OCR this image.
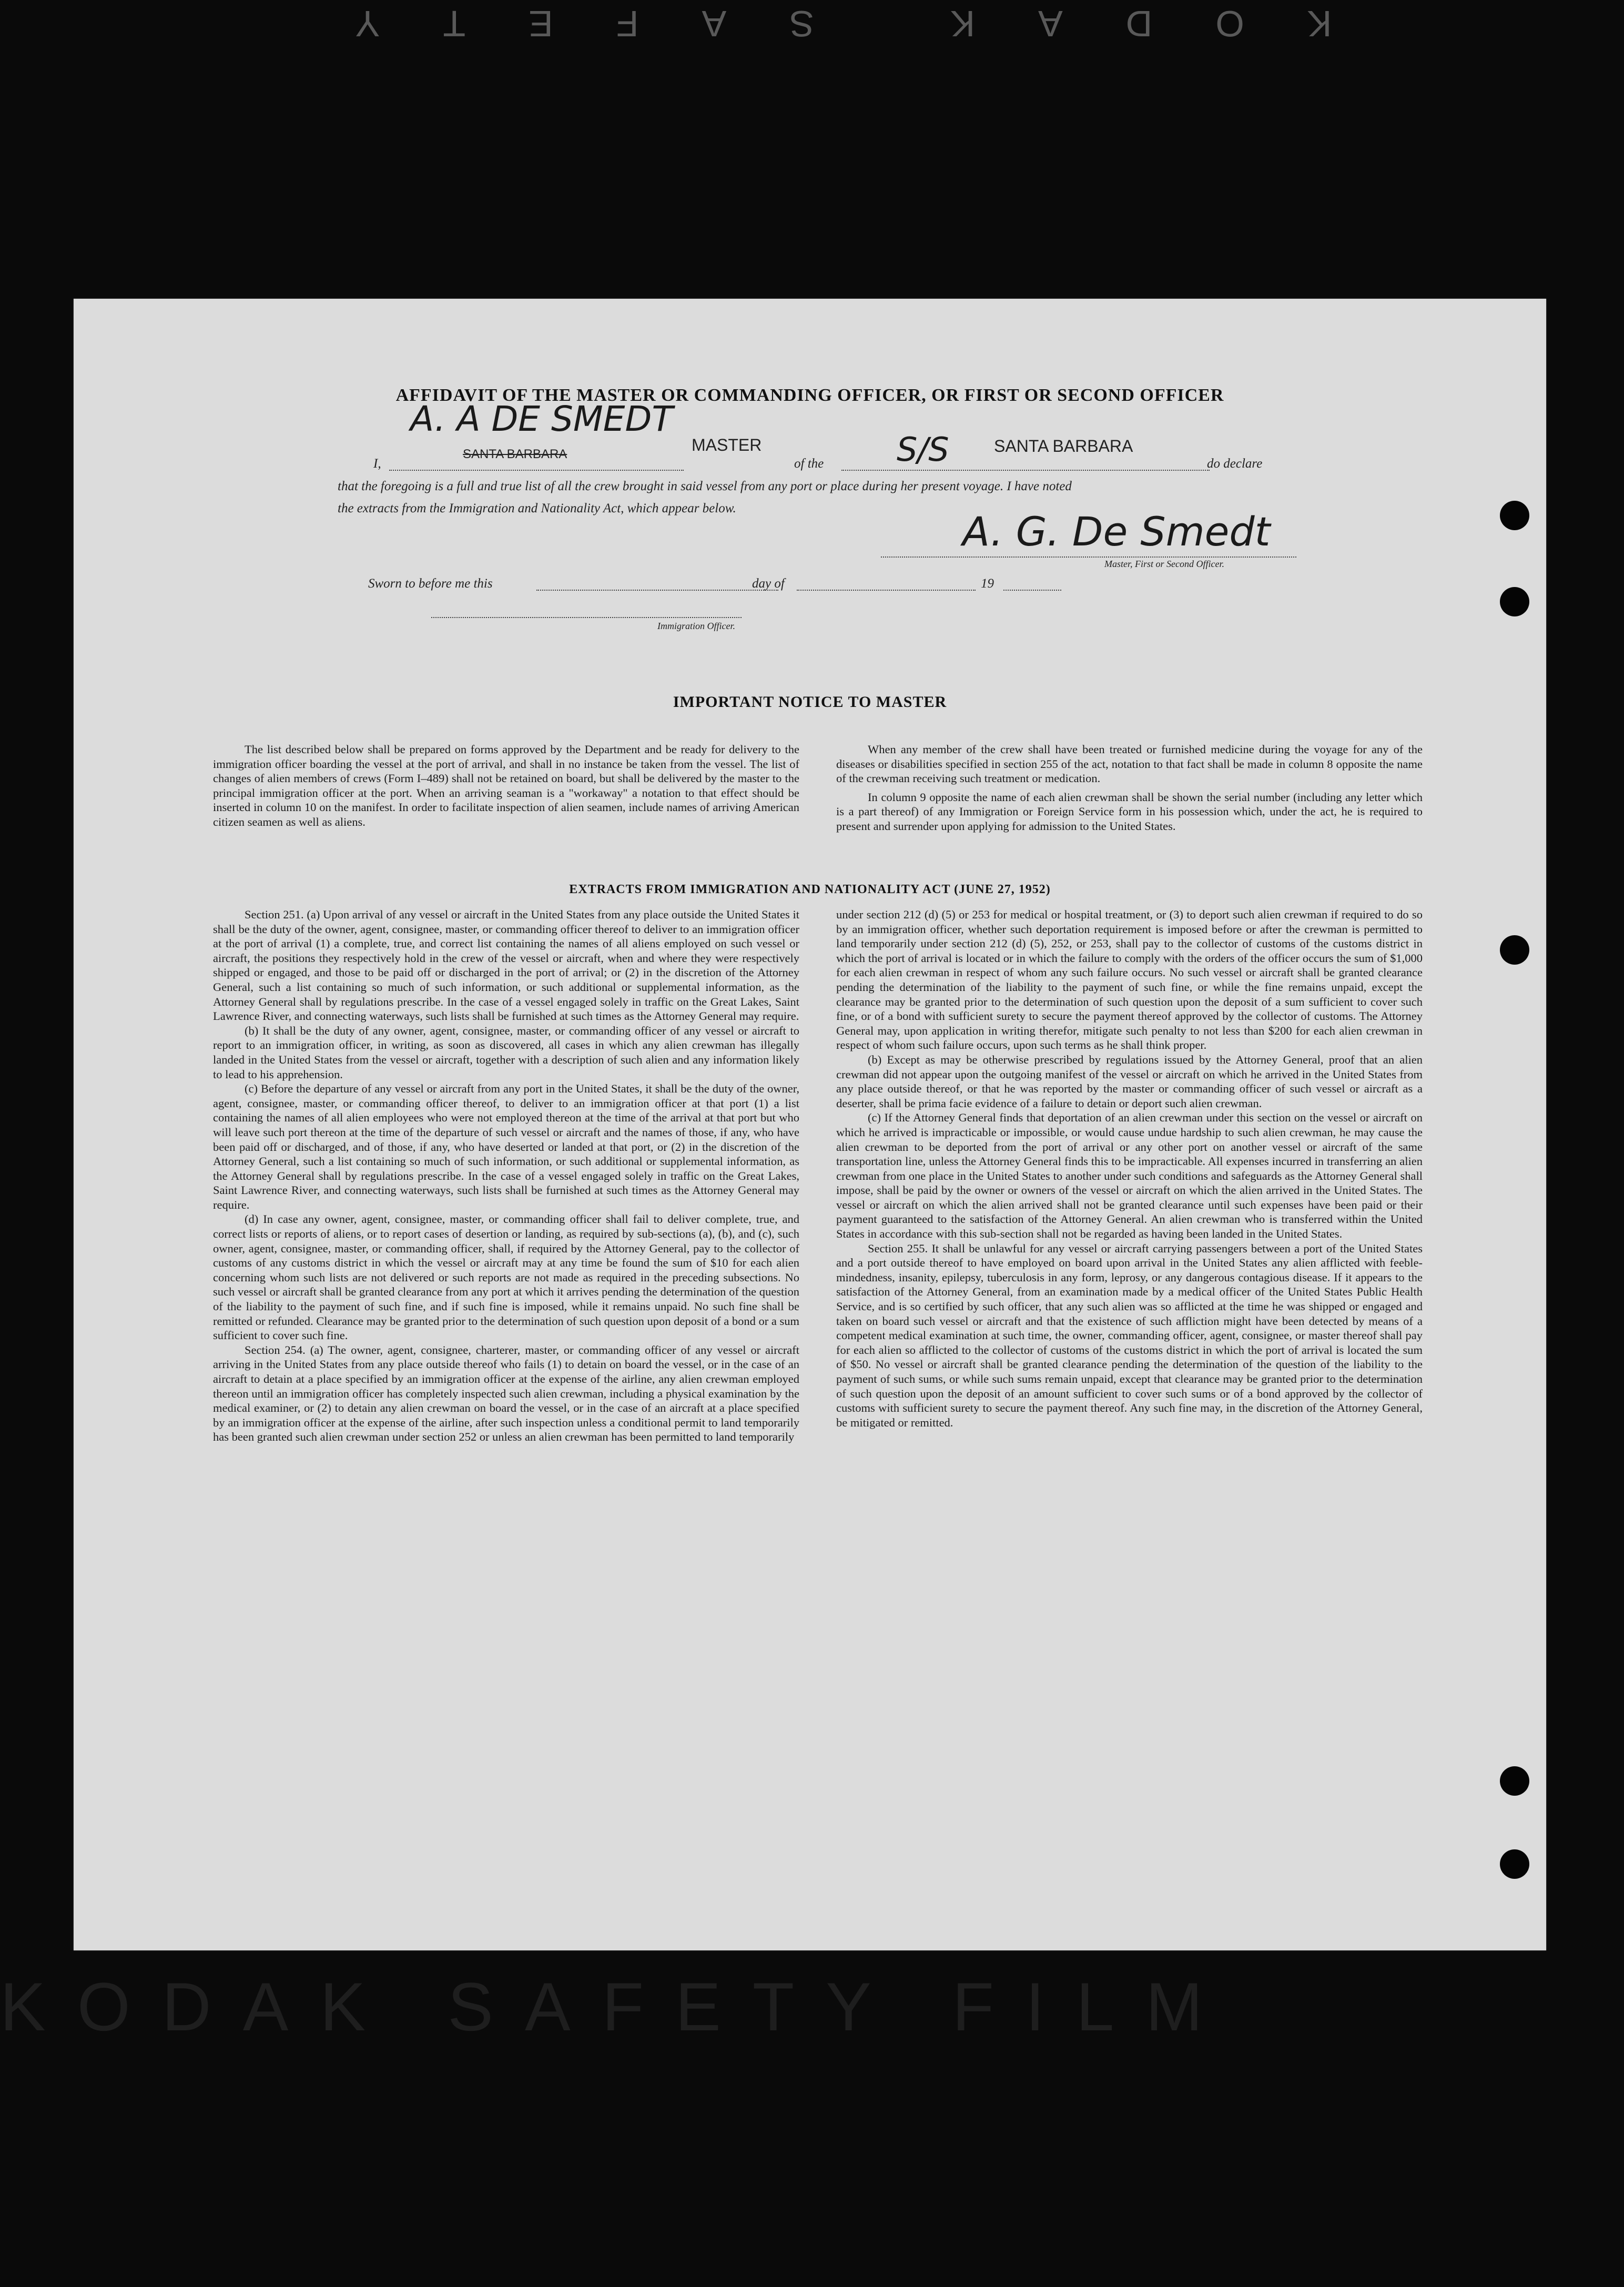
KODAK SAFETY
AFFIDAVIT OF THE MASTER OR COMMANDING OFFICER, OR FIRST OR SECOND OFFICER
I,
A. A DE SMEDT
SANTA BARBARA	MASTER
of the S/S	SANTA BARBARA
do declare
that the foregoing is a full and true list of all the crew brought in said vessel from any port or place during her present voyage. I have noted
the extracts from the Immigration and Nationality Act, which appear below.	A. G. De Smedt
Master, First or Second Officer.
Sworn to before me this	day of	19
Immigration Officer.
IMPORTANT NOTICE TO MASTER

The list described below shall be prepared on forms approved by the Department and be ready for delivery to the immigration officer boarding the vessel at the port of arrival, and shall in no instance be taken from the vessel. The list of changes of alien members of crews (Form I–489) shall not be retained on board, but shall be delivered by the master to the principal immigration officer at the port. When an arriving seaman is a "workaway" a notation to that effect should be inserted in column 10 on the manifest. In order to facilitate inspection of alien seamen, include names of arriving American citizen seamen as well as aliens.

When any member of the crew shall have been treated or furnished medicine during the voyage for any of the diseases or disabilities specified in section 255 of the act, notation to that fact shall be made in column 8 opposite the name of the crewman receiving such treatment or medication.

In column 9 opposite the name of each alien crewman shall be shown the serial number (including any letter which is a part thereof) of any Immigration or Foreign Service form in his possession which, under the act, he is required to present and surrender upon applying for admission to the United States.

EXTRACTS FROM IMMIGRATION AND NATIONALITY ACT (JUNE 27, 1952)

Section 251. (a) Upon arrival of any vessel or aircraft in the United States from any place outside the United States it shall be the duty of the owner, agent, consignee, master, or commanding officer thereof to deliver to an immigration officer at the port of arrival (1) a complete, true, and correct list containing the names of all aliens employed on such vessel or aircraft, the positions they respectively hold in the crew of the vessel or aircraft, when and where they were respectively shipped or engaged, and those to be paid off or discharged in the port of arrival; or (2) in the discretion of the Attorney General, such a list containing so much of such information, or such additional or supplemental information, as the Attorney General shall by regulations prescribe. In the case of a vessel engaged solely in traffic on the Great Lakes, Saint Lawrence River, and connecting waterways, such lists shall be furnished at such times as the Attorney General may require.

(b) It shall be the duty of any owner, agent, consignee, master, or commanding officer of any vessel or aircraft to report to an immigration officer, in writing, as soon as discovered, all cases in which any alien crewman has illegally landed in the United States from the vessel or aircraft, together with a description of such alien and any information likely to lead to his apprehension.

(c) Before the departure of any vessel or aircraft from any port in the United States, it shall be the duty of the owner, agent, consignee, master, or commanding officer thereof, to deliver to an immigration officer at that port (1) a list containing the names of all alien employees who were not employed thereon at the time of the arrival at that port but who will leave such port thereon at the time of the departure of such vessel or aircraft and the names of those, if any, who have been paid off or discharged, and of those, if any, who have deserted or landed at that port, or (2) in the discretion of the Attorney General, such a list containing so much of such information, or such additional or supplemental information, as the Attorney General shall by regulations prescribe. In the case of a vessel engaged solely in traffic on the Great Lakes, Saint Lawrence River, and connecting waterways, such lists shall be furnished at such times as the Attorney General may require.

(d) In case any owner, agent, consignee, master, or commanding officer shall fail to deliver complete, true, and correct lists or reports of aliens, or to report cases of desertion or landing, as required by sub-sections (a), (b), and (c), such owner, agent, consignee, master, or commanding officer, shall, if required by the Attorney General, pay to the collector of customs of any customs district in which the vessel or aircraft may at any time be found the sum of $10 for each alien concerning whom such lists are not delivered or such reports are not made as required in the preceding subsections. No such vessel or aircraft shall be granted clearance from any port at which it arrives pending the determination of the question of the liability to the payment of such fine, and if such fine is imposed, while it remains unpaid. No such fine shall be remitted or refunded. Clearance may be granted prior to the determination of such question upon deposit of a bond or a sum sufficient to cover such fine.

Section 254. (a) The owner, agent, consignee, charterer, master, or commanding officer of any vessel or aircraft arriving in the United States from any place outside thereof who fails (1) to detain on board the vessel, or in the case of an aircraft to detain at a place specified by an immigration officer at the expense of the airline, any alien crewman employed thereon until an immigration officer has completely inspected such alien crewman, including a physical examination by the medical examiner, or (2) to detain any alien crewman on board the vessel, or in the case of an aircraft at a place specified by an immigration officer at the expense of the airline, after such inspection unless a conditional permit to land temporarily has been granted such alien crewman under section 252 or unless an alien crewman has been permitted to land temporarily

under section 212 (d) (5) or 253 for medical or hospital treatment, or (3) to deport such alien crewman if required to do so by an immigration officer, whether such deportation requirement is imposed before or after the crewman is permitted to land temporarily under section 212 (d) (5), 252, or 253, shall pay to the collector of customs of the customs district in which the port of arrival is located or in which the failure to comply with the orders of the officer occurs the sum of $1,000 for each alien crewman in respect of whom any such failure occurs. No such vessel or aircraft shall be granted clearance pending the determination of the liability to the payment of such fine, or while the fine remains unpaid, except the clearance may be granted prior to the determination of such question upon the deposit of a sum sufficient to cover such fine, or of a bond with sufficient surety to secure the payment thereof approved by the collector of customs. The Attorney General may, upon application in writing therefor, mitigate such penalty to not less than $200 for each alien crewman in respect of whom such failure occurs, upon such terms as he shall think proper.

(b) Except as may be otherwise prescribed by regulations issued by the Attorney General, proof that an alien crewman did not appear upon the outgoing manifest of the vessel or aircraft on which he arrived in the United States from any place outside thereof, or that he was reported by the master or commanding officer of such vessel or aircraft as a deserter, shall be prima facie evidence of a failure to detain or deport such alien crewman.

(c) If the Attorney General finds that deportation of an alien crewman under this section on the vessel or aircraft on which he arrived is impracticable or impossible, or would cause undue hardship to such alien crewman, he may cause the alien crewman to be deported from the port of arrival or any other port on another vessel or aircraft of the same transportation line, unless the Attorney General finds this to be impracticable. All expenses incurred in transferring an alien crewman from one place in the United States to another under such conditions and safeguards as the Attorney General shall impose, shall be paid by the owner or owners of the vessel or aircraft on which the alien arrived in the United States. The vessel or aircraft on which the alien arrived shall not be granted clearance until such expenses have been paid or their payment guaranteed to the satisfaction of the Attorney General. An alien crewman who is transferred within the United States in accordance with this sub-section shall not be regarded as having been landed in the United States.

Section 255. It shall be unlawful for any vessel or aircraft carrying passengers between a port of the United States and a port outside thereof to have employed on board upon arrival in the United States any alien afflicted with feeble-mindedness, insanity, epilepsy, tuberculosis in any form, leprosy, or any dangerous contagious disease. If it appears to the satisfaction of the Attorney General, from an examination made by a medical officer of the United States Public Health Service, and is so certified by such officer, that any such alien was so afflicted at the time he was shipped or engaged and taken on board such vessel or aircraft and that the existence of such affliction might have been detected by means of a competent medical examination at such time, the owner, commanding officer, agent, consignee, or master thereof shall pay for each alien so afflicted to the collector of customs of the customs district in which the port of arrival is located the sum of $50. No vessel or aircraft shall be granted clearance pending the determination of the question of the liability to the payment of such sums, or while such sums remain unpaid, except that clearance may be granted prior to the determination of such question upon the deposit of an amount sufficient to cover such sums or of a bond approved by the collector of customs with sufficient surety to secure the payment thereof. Any such fine may, in the discretion of the Attorney General, be mitigated or remitted.

KODAK SAFETY FILM
